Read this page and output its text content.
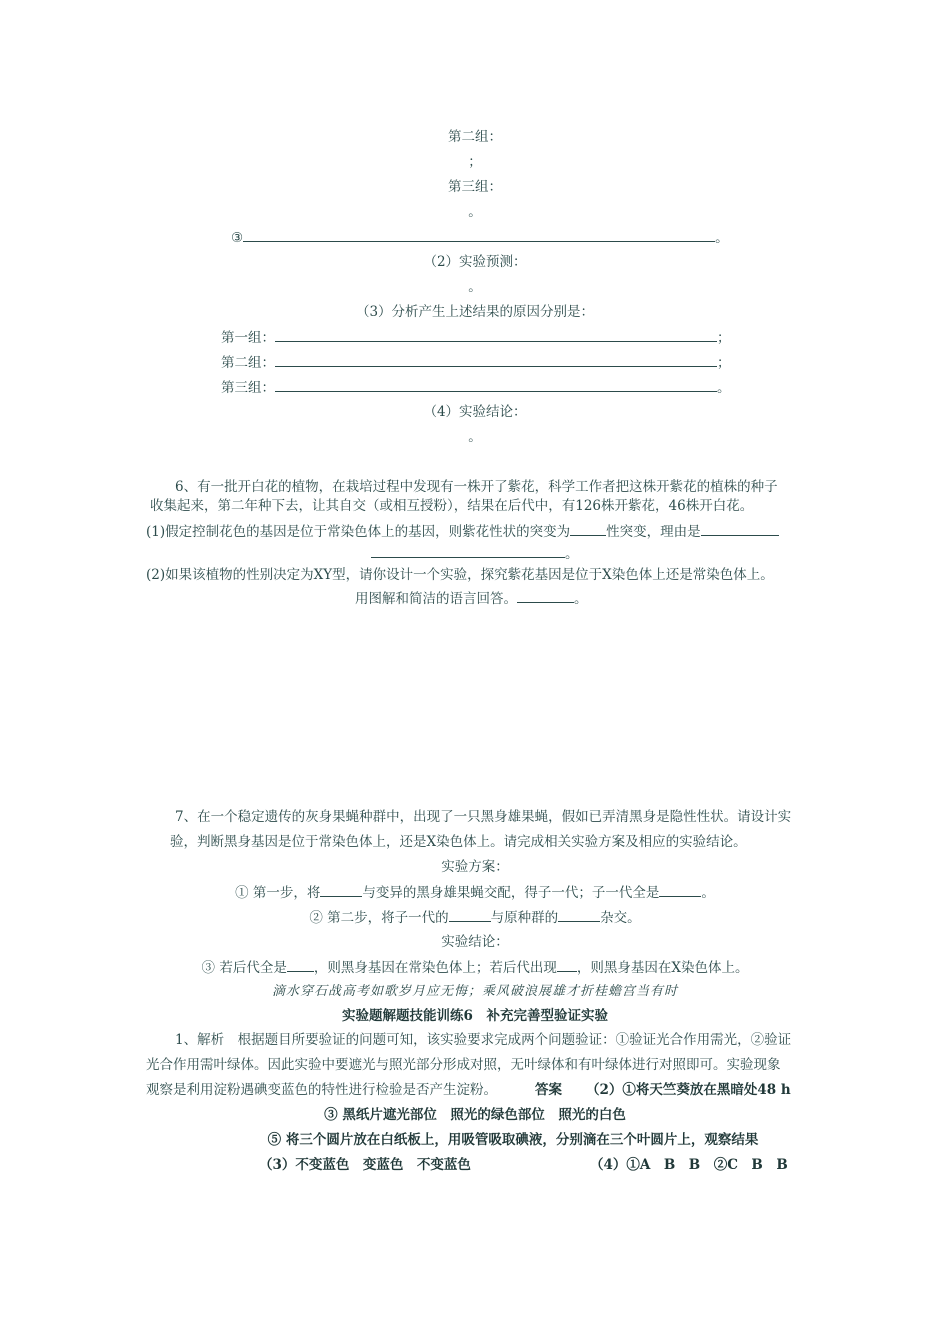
第二组：
；
第三组：
。
③	。
（2）实验预测：
。
（3）分析产生上述结果的原因分别是：
第一组：	；
第二组：	；
第三组：	。
（4）实验结论：
。
6、有一批开白花的植物，在栽培过程中发现有一株开了紫花，科学工作者把这株开紫花的植株的种子
收集起来，第二年种下去，让其自交（或相互授粉），结果在后代中，有126株开紫花，46株开白花。
(1)假定控制花色的基因是位于常染色体上的基因，则紫花性状的突变为	性突变，理由是
。
(2)如果该植物的性别决定为XY型，请你设计一个实验，探究紫花基因是位于X染色体上还是常染色体上。
用图解和简洁的语言回答。	。
7、在一个稳定遗传的灰身果蝇种群中，出现了一只黑身雄果蝇，假如已弄清黑身是隐性性状。请设计实
验，判断黑身基因是位于常染色体上，还是X染色体上。请完成相关实验方案及相应的实验结论。
实验方案：
① 第一步，将	与变异的黑身雄果蝇交配，得子一代；子一代全是	。
② 第二步，将子一代的	与原种群的	杂交。
实验结论：
③ 若后代全是 ，则黑身基因在常染色体上；若后代出现 ，则黑身基因在X染色体上。
滴水穿石战高考如歌岁月应无悔；乘风破浪展雄才折桂蟾宫当有时
实验题解题技能训练6　补充完善型验证实验
1、解析　根据题目所要验证的问题可知，该实验要求完成两个问题验证：①验证光合作用需光，②验证
光合作用需叶绿体。因此实验中要遮光与照光部分形成对照，无叶绿体和有叶绿体进行对照即可。实验现象
观察是利用淀粉遇碘变蓝色的特性进行检验是否产生淀粉。	答案 （2）①将天竺葵放在黑暗处48 h
③ 黑纸片遮光部位　照光的绿色部位　照光的白色
⑤ 将三个圆片放在白纸板上，用吸管吸取碘液，分别滴在三个叶圆片上，观察结果
（3）不变蓝色　变蓝色　不变蓝色	（4）①A　B　B　②C　B　B
